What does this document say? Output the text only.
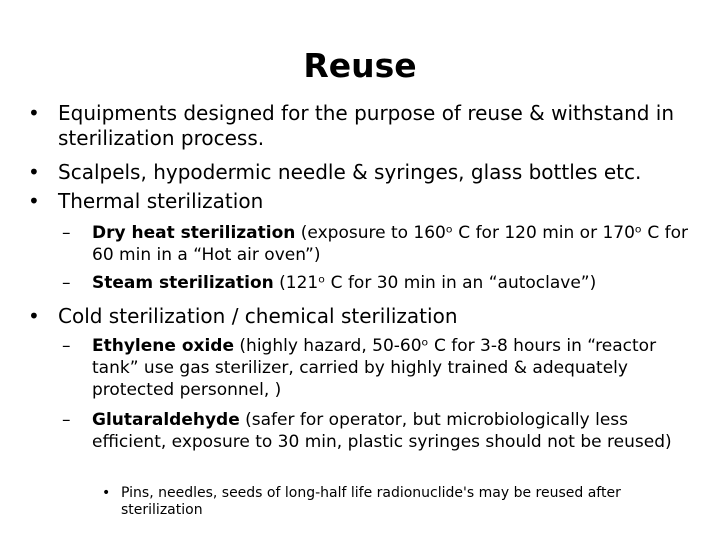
Reuse
• Equipments designed for the purpose of reuse & withstand in sterilization process.
• Scalpels, hypodermic needle & syringes, glass bottles etc.
• Thermal sterilization
– Dry heat sterilization (exposure to 160ᵒ C for 120 min or 170ᵒ C for 60 min in a “Hot air oven”)
– Steam sterilization (121ᵒ C for 30 min in an “autoclave”)
• Cold sterilization / chemical sterilization
– Ethylene oxide (highly hazard, 50-60ᵒ C for 3-8 hours in “reactor tank” use gas sterilizer, carried by highly trained & adequately protected personnel, )
– Glutaraldehyde (safer for operator, but microbiologically less efficient, exposure to 30 min, plastic syringes should not be reused)
• Pins, needles, seeds of long-half life radionuclide's may be reused after sterilization
